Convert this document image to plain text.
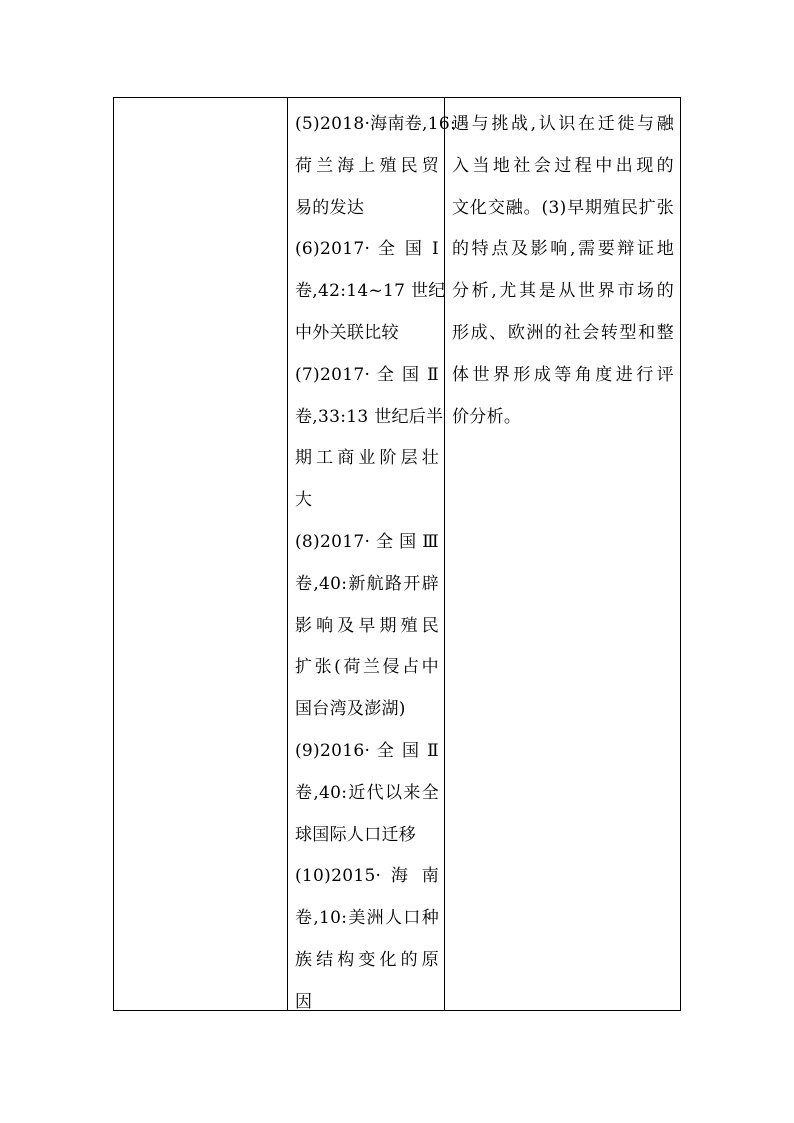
(5)2018·海南卷,16:
荷兰海上殖民贸
易的发达
(6)2017· 全 国 Ⅰ
卷,42:14~17 世纪
中外关联比较
(7)2017· 全 国 Ⅱ
卷,33:13 世纪后半
期工商业阶层壮
大
(8)2017· 全 国 Ⅲ
卷,40:新航路开辟
影响及早期殖民
扩张(荷兰侵占中
国台湾及澎湖)
(9)2016· 全 国 Ⅱ
卷,40:近代以来全
球国际人口迁移
(10)2015· 海 南
卷,10:美洲人口种
族结构变化的原
因
遇与挑战,认识在迁徙与融
入当地社会过程中出现的
文化交融。(3)早期殖民扩张
的特点及影响,需要辩证地
分析,尤其是从世界市场的
形成、欧洲的社会转型和整
体世界形成等角度进行评
价分析。
